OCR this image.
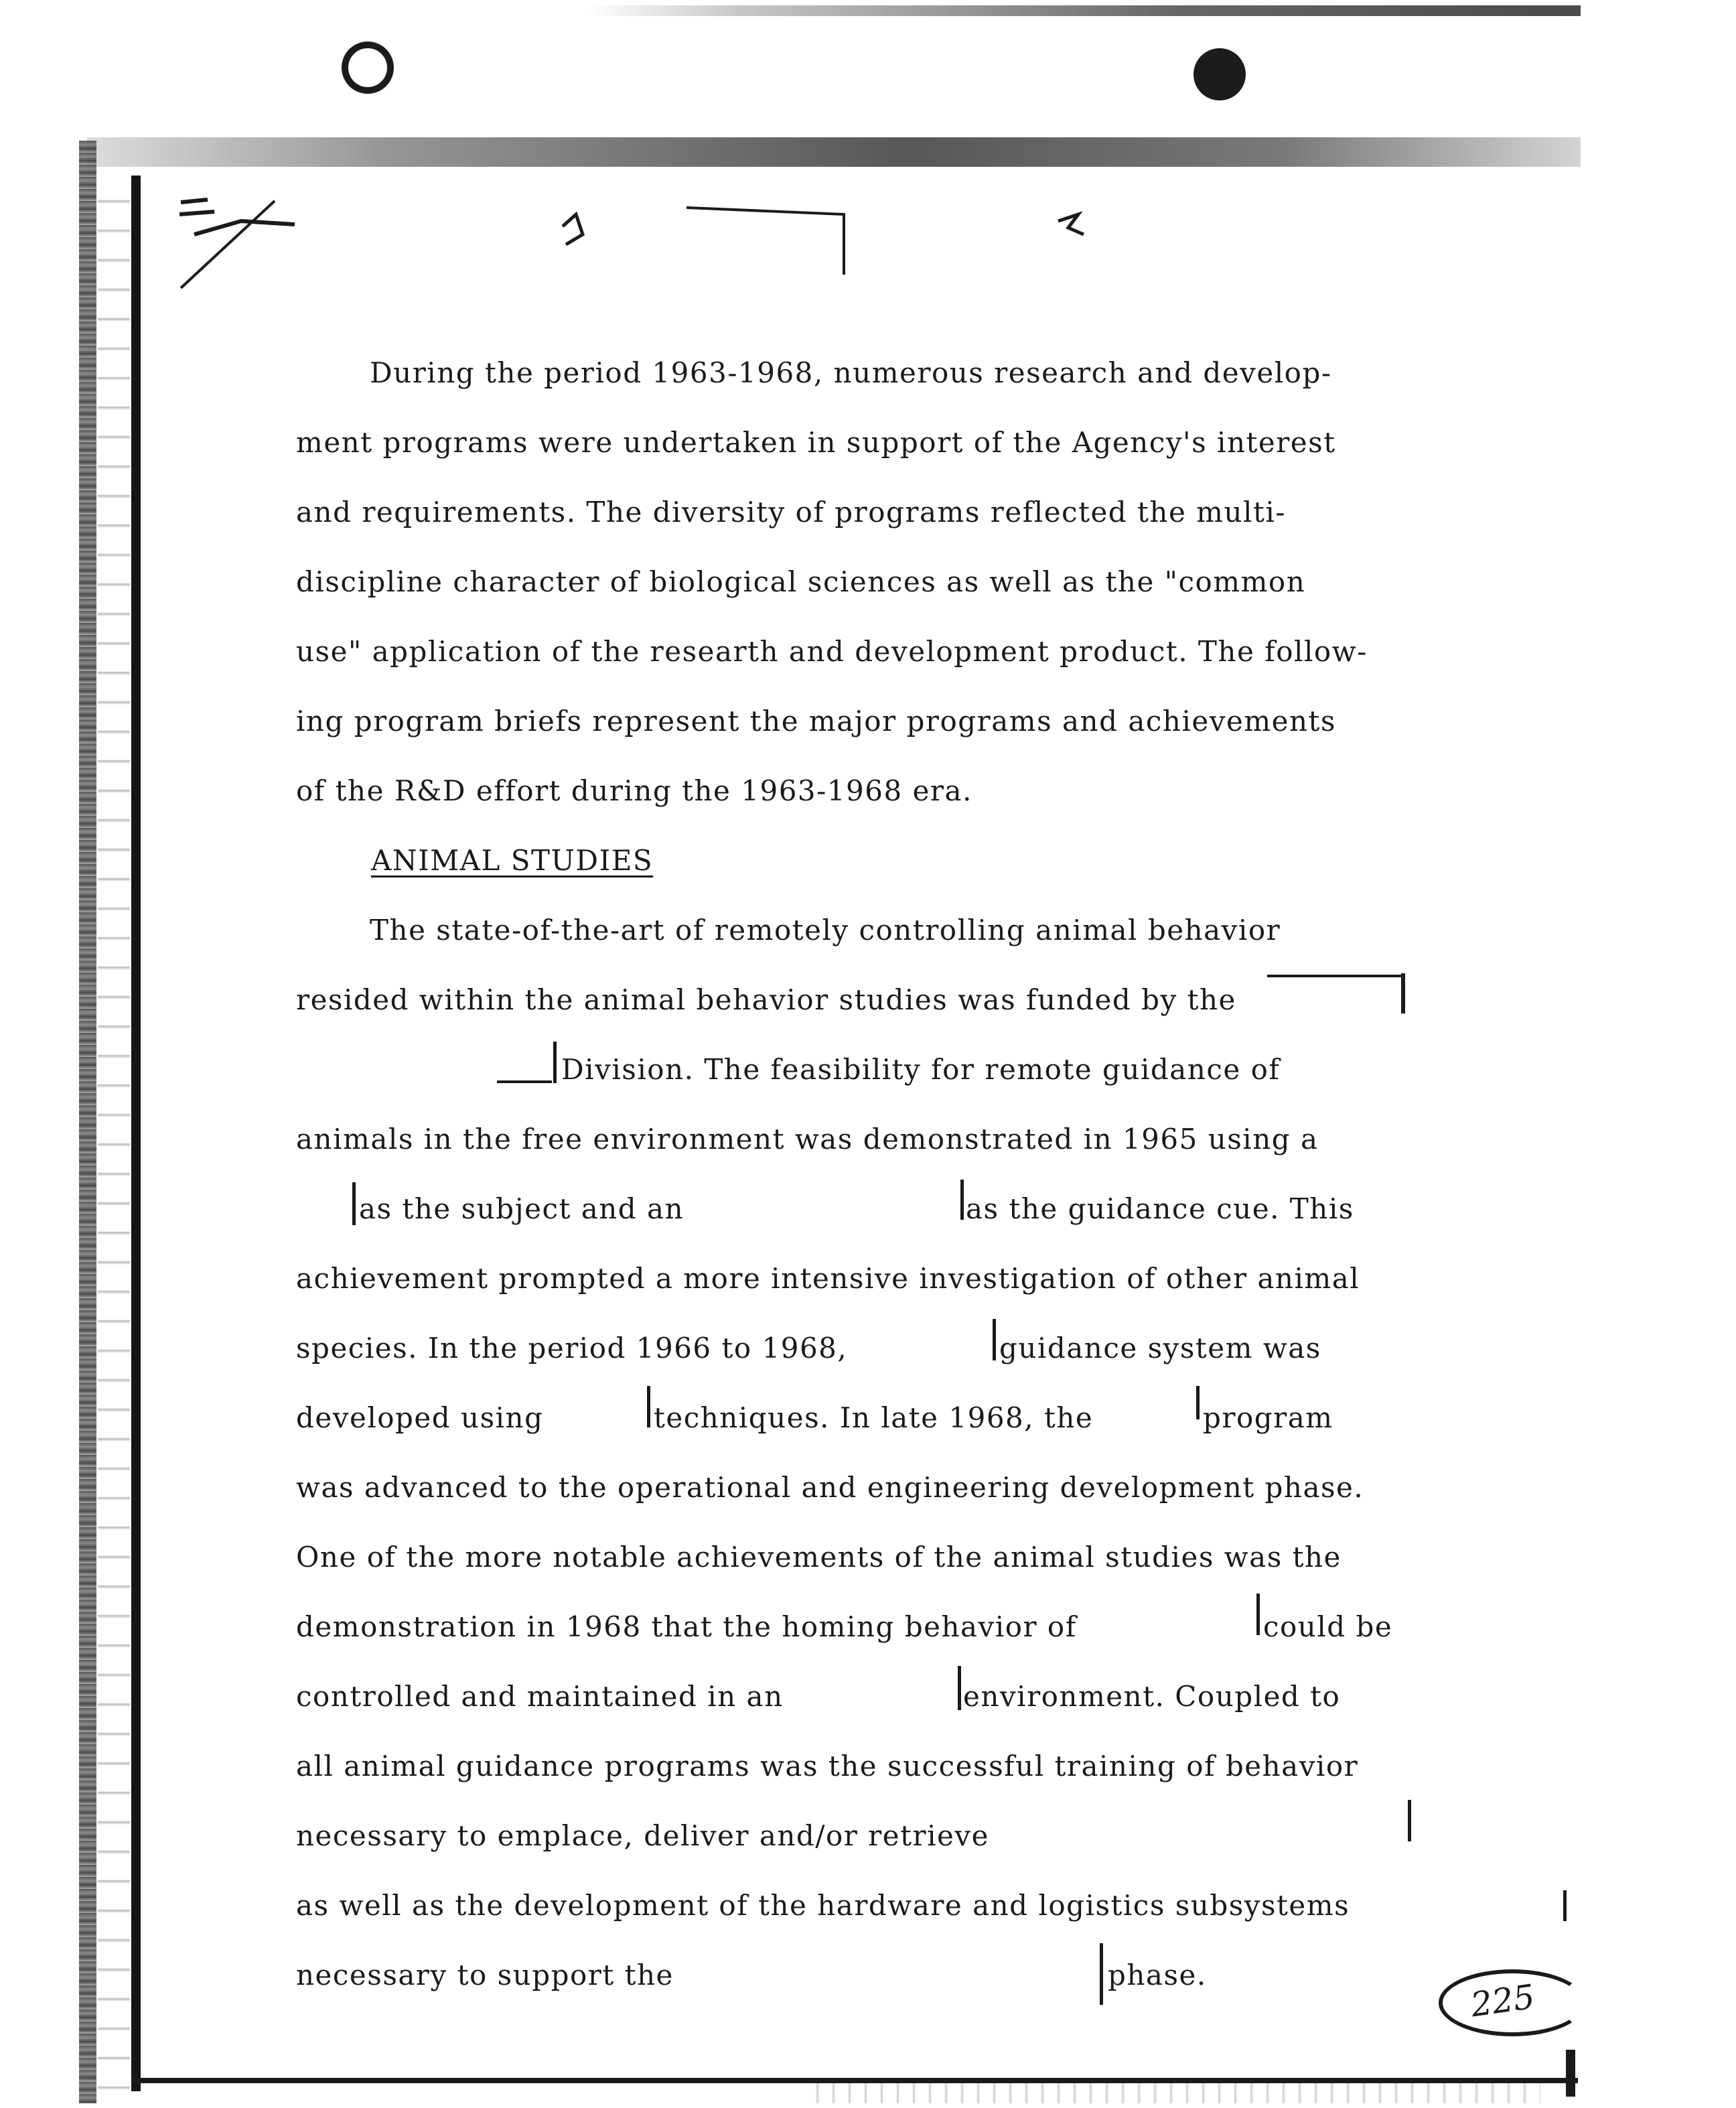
During the period 1963-1968, numerous research and develop-
ment programs were undertaken in support of the Agency's interest
and requirements. The diversity of programs reflected the multi-
discipline character of biological sciences as well as the "common
use" application of the researth and development product. The follow-
ing program briefs represent the major programs and achievements
of the R&D effort during the 1963-1968 era.
ANIMAL STUDIES
The state-of-the-art of remotely controlling animal behavior
resided within the animal behavior studies was funded by the
Division. The feasibility for remote guidance of
animals in the free environment was demonstrated in 1965 using a
as the subject and an	as the guidance cue. This
achievement prompted a more intensive investigation of other animal
species. In the period 1966 to 1968,	guidance system was
developed using	techniques. In late 1968, the	program
was advanced to the operational and engineering development phase.
One of the more notable achievements of the animal studies was the
demonstration in 1968 that the homing behavior of	could be
controlled and maintained in an	environment. Coupled to
all animal guidance programs was the successful training of behavior
necessary to emplace, deliver and/or retrieve
as well as the development of the hardware and logistics subsystems
necessary to support the	phase.
225
